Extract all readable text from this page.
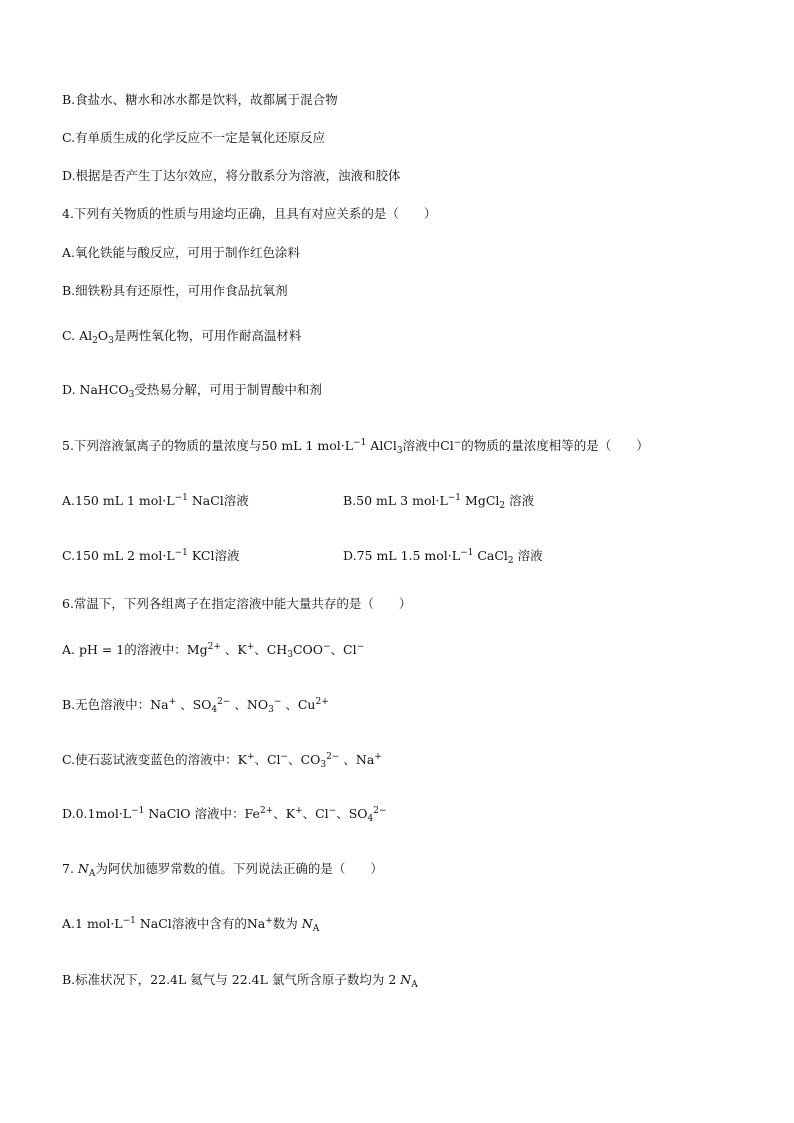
B.食盐水、糖水和冰水都是饮料，故都属于混合物
C.有单质生成的化学反应不一定是氧化还原反应
D.根据是否产生丁达尔效应，将分散系分为溶液，浊液和胶体
4.下列有关物质的性质与用途均正确，且具有对应关系的是（　　）
A.氧化铁能与酸反应，可用于制作红色涂料
B.细铁粉具有还原性，可用作食品抗氧剂
C. $Al_2O_3$是两性氧化物，可用作耐高温材料
D. NaHCO$_3$受热易分解，可用于制胃酸中和剂
5.下列溶液氯离子的物质的量浓度与50 mL 1 $mol\cdot L^{-1}$ AlCl$_3$溶液中Cl−的物质的量浓度相等的是（　　）
A.150 mL 1 $mol\cdot L^{-1}$ NaCl溶液	B.50 mL 3 $mol\cdot L^{-1}$ MgCl$_2$ 溶液
C.150 mL 2 $mol\cdot L^{-1}$ KCl溶液	D.75 mL 1.5 $mol\cdot L^{-1}$ CaCl$_2$ 溶液
6.常温下，下列各组离子在指定溶液中能大量共存的是（　　）
A. pH = 1的溶液中：$Mg^{2+}$ 、K+、$CH_3COO^-$、Cl−
B.无色溶液中：Na+ 、$SO_4^{2-}$ 、$NO_3^-$ 、$Cu^{2+}$
C.使石蕊试液变蓝色的溶液中：K+、Cl−、$CO_3^{2-}$ 、Na+
$D.0.1mol\cdot L^{-1}$ NaClO 溶液中：$Fe^{2+}$、K+、Cl−、$SO_4^{2-}$
7. $N_A$为阿伏加德罗常数的值。下列说法正确的是（　　）
A.1 $mol\cdot L^{-1}$ NaCl溶液中含有的Na+数为 $N_A$
B.标准状况下，22.4L 氦气与 22.4L 氯气所含原子数均为 2 $N_A$
